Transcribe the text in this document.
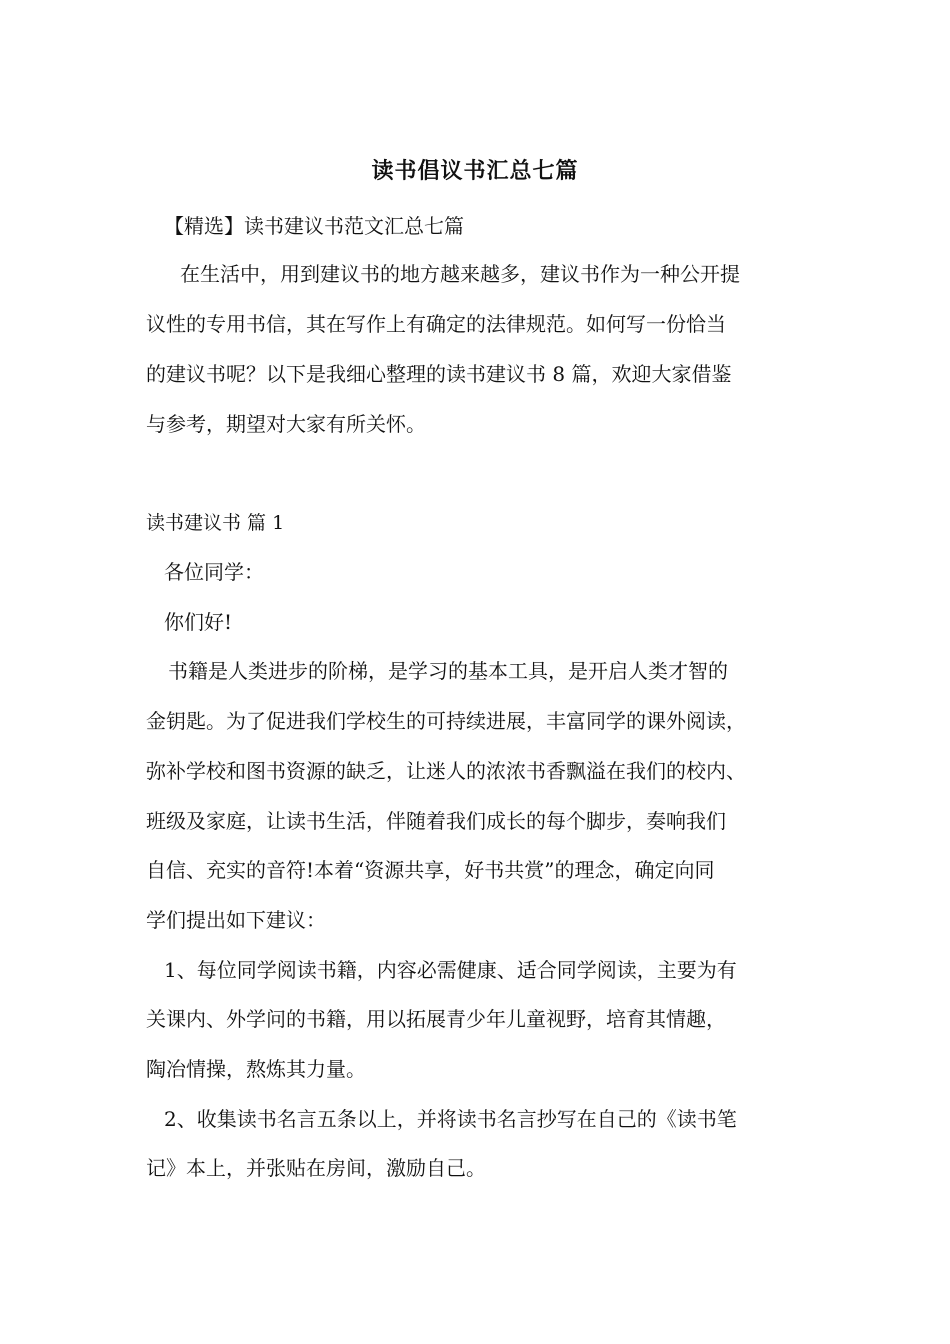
读书倡议书汇总七篇

【精选】读书建议书范文汇总七篇

在生活中，用到建议书的地方越来越多，建议书作为一种公开提

议性的专用书信，其在写作上有确定的法律规范。如何写一份恰当

的建议书呢？以下是我细心整理的读书建议书 8 篇，欢迎大家借鉴

与参考，期望对大家有所关怀。

读书建议书 篇 1

各位同学：

你们好!

书籍是人类进步的阶梯，是学习的基本工具，是开启人类才智的

金钥匙。为了促进我们学校生的可持续进展，丰富同学的课外阅读，

弥补学校和图书资源的缺乏，让迷人的浓浓书香飘溢在我们的校内、

班级及家庭，让读书生活，伴随着我们成长的每个脚步，奏响我们

自信、充实的音符!本着“资源共享，好书共赏”的理念，确定向同

学们提出如下建议：

1、每位同学阅读书籍，内容必需健康、适合同学阅读，主要为有

关课内、外学问的书籍，用以拓展青少年儿童视野，培育其情趣，

陶冶情操，熬炼其力量。

2、收集读书名言五条以上，并将读书名言抄写在自己的《读书笔

记》本上，并张贴在房间，激励自己。
